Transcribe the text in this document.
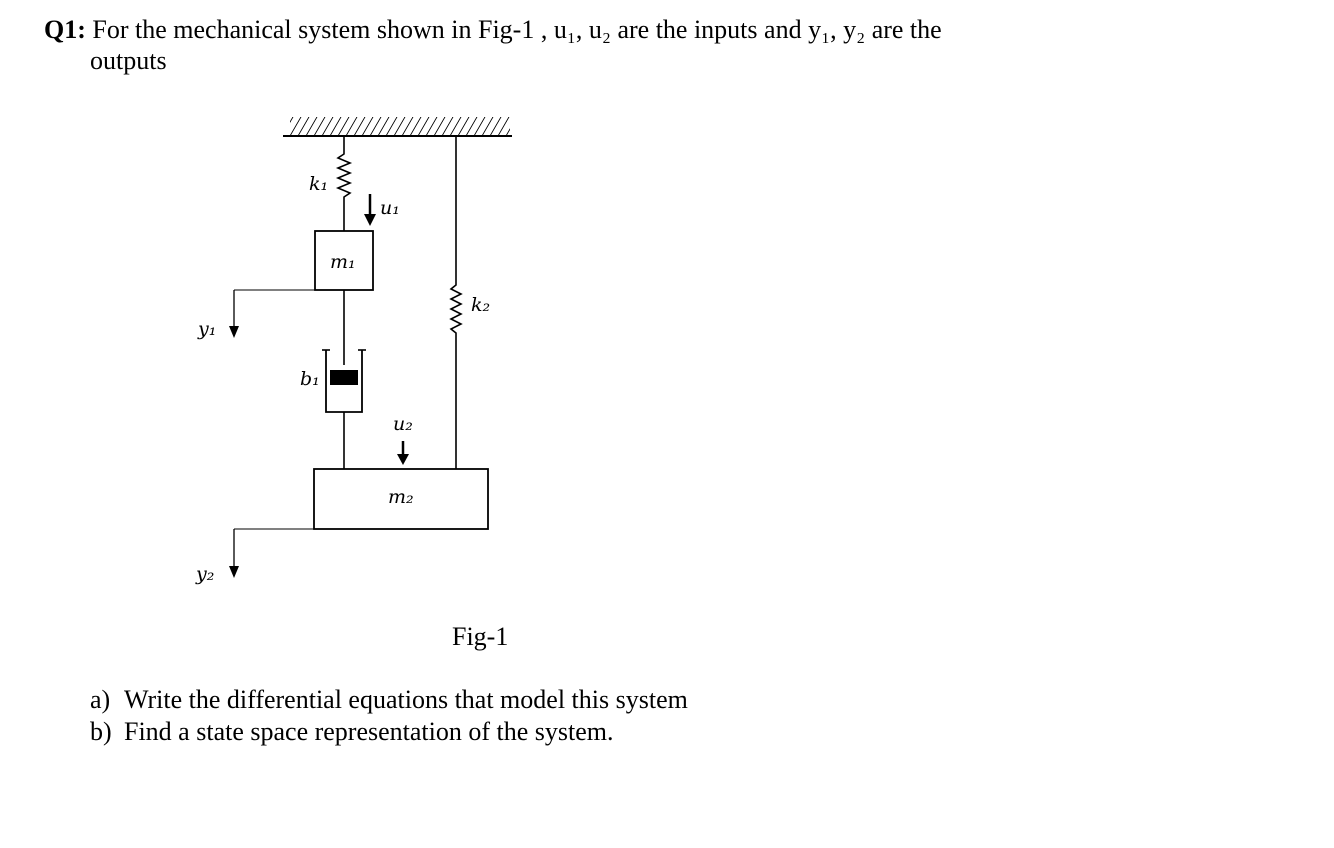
Q1: For the mechanical system shown in Fig-1 , u₁, u₂ are the inputs and y₁, y₂ are the
outputs
k₁
u₁
m₁
k₂
y₁
b₁
u₂
m₂
y₂
Fig-1
a) Write the differential equations that model this system
b) Find a state space representation of the system.
